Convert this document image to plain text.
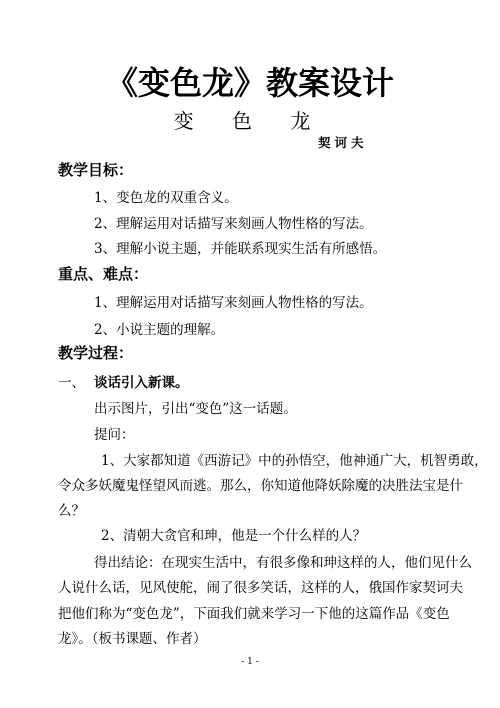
《变色龙》教案设计
变 色 龙
契诃夫
教学目标：
1、变色龙的双重含义。
2、理解运用对话描写来刻画人物性格的写法。
3、理解小说主题，并能联系现实生活有所感悟。
重点、难点：
1、理解运用对话描写来刻画人物性格的写法。
2、小说主题的理解。
教学过程：
一、 谈话引入新课。
出示图片，引出“变色”这一话题。
提问：
1、大家都知道《西游记》中的孙悟空，他神通广大，机智勇敢，
令众多妖魔鬼怪望风而逃。那么，你知道他降妖除魔的决胜法宝是什
么？
2、清朝大贪官和珅，他是一个什么样的人？
得出结论：在现实生活中，有很多像和珅这样的人，他们见什么
人说什么话，见风使舵，闹了很多笑话，这样的人，俄国作家契诃夫
把他们称为“变色龙”，下面我们就来学习一下他的这篇作品《变色
龙》。（板书课题、作者）
- 1 -
